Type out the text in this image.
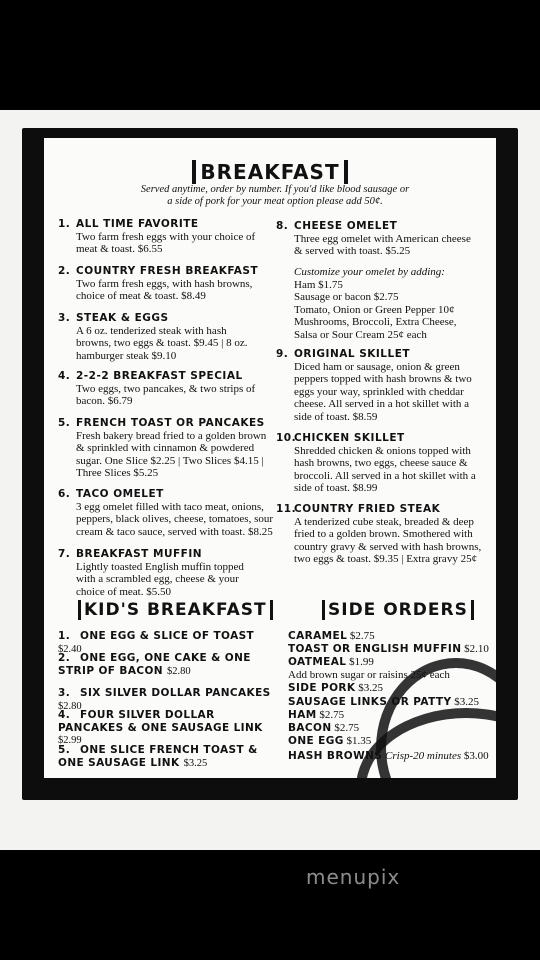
BREAKFAST
Served anytime, order by number. If you'd like blood sausage or a side of pork for your meat option please add 50¢.
1. ALL TIME FAVORITE
Two farm fresh eggs with your choice of meat & toast. $6.55
2. COUNTRY FRESH BREAKFAST
Two farm fresh eggs, with hash browns, choice of meat & toast. $8.49
3. STEAK & EGGS
A 6 oz. tenderized steak with hash browns, two eggs & toast. $9.45 | 8 oz. hamburger steak $9.10
4. 2-2-2 BREAKFAST SPECIAL
Two eggs, two pancakes, & two strips of bacon. $6.79
5. FRENCH TOAST OR PANCAKES
Fresh bakery bread fried to a golden brown & sprinkled with cinnamon & powdered sugar. One Slice $2.25 | Two Slices $4.15 | Three Slices $5.25
6. TACO OMELET
3 egg omelet filled with taco meat, onions, peppers, black olives, cheese, tomatoes, sour cream & taco sauce, served with toast. $8.25
7. BREAKFAST MUFFIN
Lightly toasted English muffin topped with a scrambled egg, cheese & your choice of meat. $5.50
8. CHEESE OMELET
Three egg omelet with American cheese & served with toast. $5.25
Customize your omelet by adding:
Ham $1.75
Sausage or bacon $2.75
Tomato, Onion or Green Pepper 10¢
Mushrooms, Broccoli, Extra Cheese,
Salsa or Sour Cream 25¢ each
9. ORIGINAL SKILLET
Diced ham or sausage, onion & green peppers topped with hash browns & two eggs your way, sprinkled with cheddar cheese. All served in a hot skillet with a side of toast. $8.59
10.CHICKEN SKILLET
Shredded chicken & onions topped with hash browns, two eggs, cheese sauce & broccoli. All served in a hot skillet with a side of toast. $8.99
11.COUNTRY FRIED STEAK
A tenderized cube steak, breaded & deep fried to a golden brown. Smothered with country gravy & served with hash browns, two eggs & toast. $9.35 | Extra gravy 25¢
KID'S BREAKFAST	SIDE ORDERS
1. ONE EGG & SLICE OF TOAST $2.40
2. ONE EGG, ONE CAKE & ONE STRIP OF BACON $2.80
3. SIX SILVER DOLLAR PANCAKES $2.80
4. FOUR SILVER DOLLAR PANCAKES & ONE SAUSAGE LINK $2.99
5. ONE SLICE FRENCH TOAST & ONE SAUSAGE LINK $3.25
CARAMEL $2.75
TOAST OR ENGLISH MUFFIN $2.10
OATMEAL $1.99
Add brown sugar or raisins 25¢ each
SIDE PORK $3.25
SAUSAGE LINKS OR PATTY $3.25
HAM $2.75
BACON $2.75
ONE EGG $1.35
HASH BROWNS Crisp-20 minutes $3.00
menupix
